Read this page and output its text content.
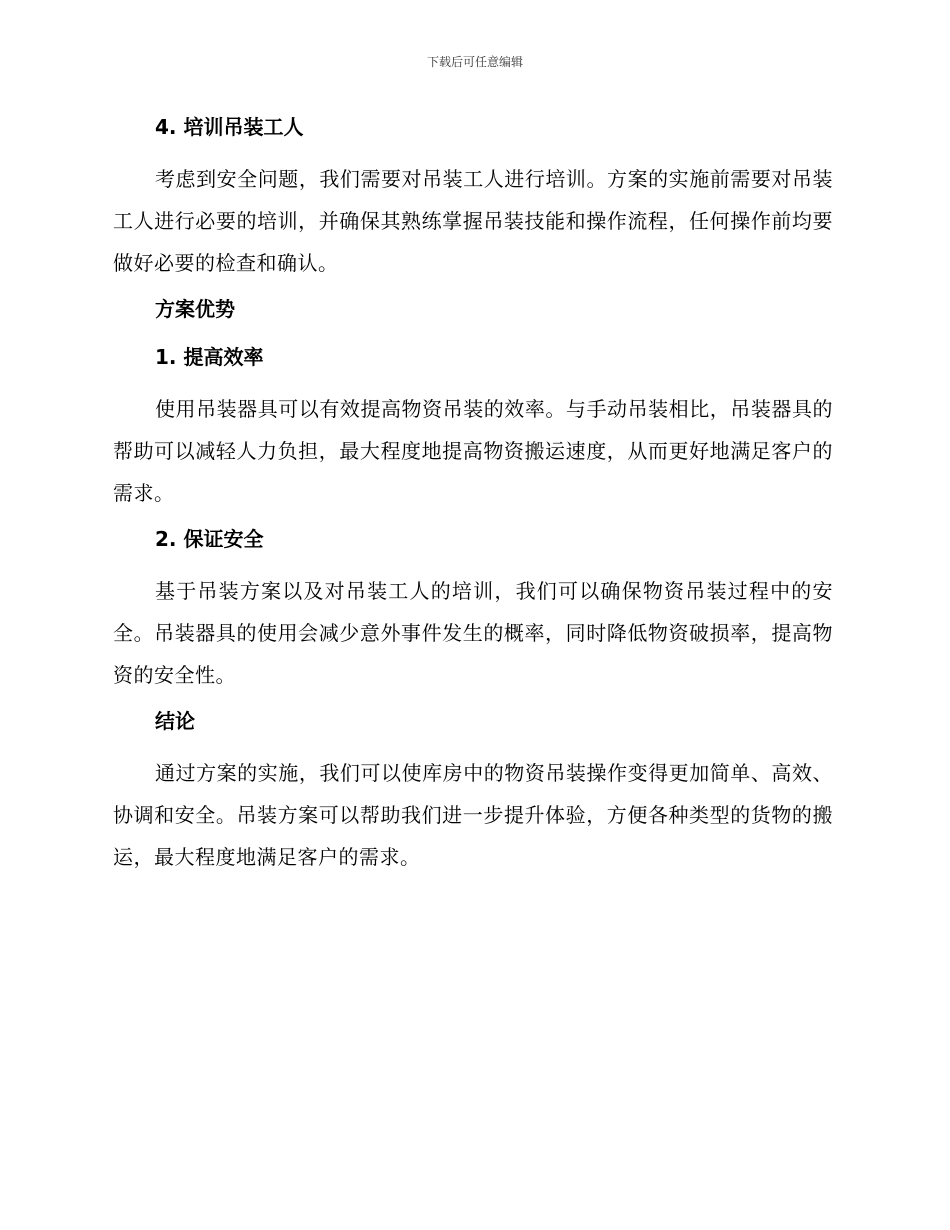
下载后可任意编辑
4. 培训吊装工人

考虑到安全问题，我们需要对吊装工人进行培训。方案的实施前需要对吊装工人进行必要的培训，并确保其熟练掌握吊装技能和操作流程，任何操作前均要做好必要的检查和确认。

方案优势
1. 提高效率

使用吊装器具可以有效提高物资吊装的效率。与手动吊装相比，吊装器具的帮助可以减轻人力负担，最大程度地提高物资搬运速度，从而更好地满足客户的需求。

2. 保证安全

基于吊装方案以及对吊装工人的培训，我们可以确保物资吊装过程中的安全。吊装器具的使用会减少意外事件发生的概率，同时降低物资破损率，提高物资的安全性。

结论

通过方案的实施，我们可以使库房中的物资吊装操作变得更加简单、高效、协调和安全。吊装方案可以帮助我们进一步提升体验，方便各种类型的货物的搬运，最大程度地满足客户的需求。
